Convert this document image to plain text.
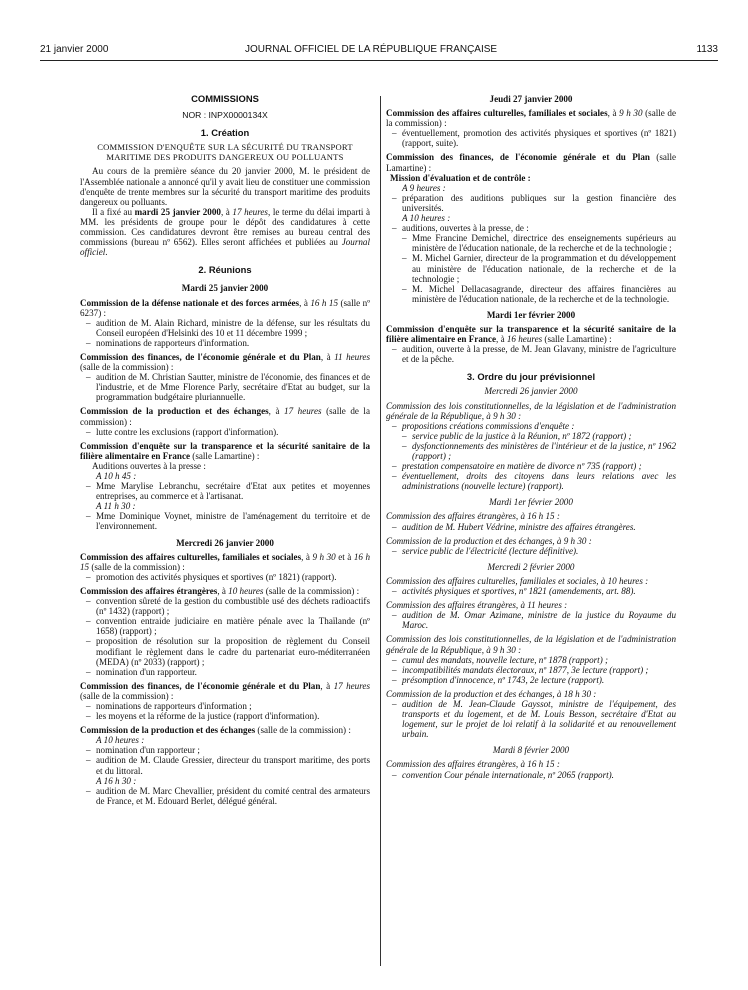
21 janvier 2000	JOURNAL OFFICIEL DE LA RÉPUBLIQUE FRANÇAISE	1133
COMMISSIONS
NOR : INPX0000134X
1. Création
COMMISSION D'ENQUÊTE SUR LA SÉCURITÉ DU TRANSPORT MARITIME DES PRODUITS DANGEREUX OU POLLUANTS

Au cours de la première séance du 20 janvier 2000, M. le président de l'Assemblée nationale a annoncé qu'il y avait lieu de constituer une commission d'enquête de trente membres sur la sécurité du transport maritime des produits dangereux ou polluants.

Il a fixé au mardi 25 janvier 2000, à 17 heures, le terme du délai imparti à MM. les présidents de groupe pour le dépôt des candidatures à cette commission. Ces candidatures devront être remises au bureau central des commissions (bureau nº 6562). Elles seront affichées et publiées au Journal officiel.

2. Réunions
Mardi 25 janvier 2000

Commission de la défense nationale et des forces armées, à 16 h 15 (salle nº 6237) :

– audition de M. Alain Richard, ministre de la défense, sur les résultats du Conseil européen d'Helsinki des 10 et 11 décembre 1999 ;
– nominations de rapporteurs d'information.

Commission des finances, de l'économie générale et du Plan, à 11 heures (salle de la commission) :

– audition de M. Christian Sautter, ministre de l'économie, des finances et de l'industrie, et de Mme Florence Parly, secrétaire d'Etat au budget, sur la programmation budgétaire pluriannuelle.

Commission de la production et des échanges, à 17 heures (salle de la commission) :

– lutte contre les exclusions (rapport d'information).

Commission d'enquête sur la transparence et la sécurité sanitaire de la filière alimentaire en France (salle Lamartine) :

Auditions ouvertes à la presse :

A 10 h 45 :

– Mme Marylise Lebranchu, secrétaire d'Etat aux petites et moyennes entreprises, au commerce et à l'artisanat.

A 11 h 30 :

– Mme Dominique Voynet, ministre de l'aménagement du territoire et de l'environnement.
Mercredi 26 janvier 2000

Commission des affaires culturelles, familiales et sociales, à 9 h 30 et à 16 h 15 (salle de la commission) :

– promotion des activités physiques et sportives (nº 1821) (rapport).

Commission des affaires étrangères, à 10 heures (salle de la commission) :

– convention sûreté de la gestion du combustible usé des déchets radioactifs (nº 1432) (rapport) ;
– convention entraide judiciaire en matière pénale avec la Thaïlande (nº 1658) (rapport) ;
– proposition de résolution sur la proposition de règlement du Conseil modifiant le règlement dans le cadre du partenariat euro-méditerranéen (MEDA) (nº 2033) (rapport) ;
– nomination d'un rapporteur.

Commission des finances, de l'économie générale et du Plan, à 17 heures (salle de la commission) :

– nominations de rapporteurs d'information ;
– les moyens et la réforme de la justice (rapport d'information).

Commission de la production et des échanges (salle de la commission) :

A 10 heures :

– nomination d'un rapporteur ;
– audition de M. Claude Gressier, directeur du transport maritime, des ports et du littoral.

A 16 h 30 :

– audition de M. Marc Chevallier, président du comité central des armateurs de France, et M. Edouard Berlet, délégué général.
Jeudi 27 janvier 2000

Commission des affaires culturelles, familiales et sociales, à 9 h 30 (salle de la commission) :

– éventuellement, promotion des activités physiques et sportives (nº 1821) (rapport, suite).

Commission des finances, de l'économie générale et du Plan (salle Lamartine) :

Mission d'évaluation et de contrôle :

A 9 heures :

– préparation des auditions publiques sur la gestion financière des universités.

A 10 heures :

– auditions, ouvertes à la presse, de :
– Mme Francine Demichel, directrice des enseignements supérieurs au ministère de l'éducation nationale, de la recherche et de la technologie ;
– M. Michel Garnier, directeur de la programmation et du développement au ministère de l'éducation nationale, de la recherche et de la technologie ;
– M. Michel Dellacasagrande, directeur des affaires financières au ministère de l'éducation nationale, de la recherche et de la technologie.
Mardi 1er février 2000

Commission d'enquête sur la transparence et la sécurité sanitaire de la filière alimentaire en France, à 16 heures (salle Lamartine) :

– audition, ouverte à la presse, de M. Jean Glavany, ministre de l'agriculture et de la pêche.
3. Ordre du jour prévisionnel
Mercredi 26 janvier 2000

Commission des lois constitutionnelles, de la législation et de l'administration générale de la République, à 9 h 30 :

– propositions créations commissions d'enquête :
– service public de la justice à la Réunion, nº 1872 (rapport) ;
– dysfonctionnements des ministères de l'intérieur et de la justice, nº 1962 (rapport) ;
– prestation compensatoire en matière de divorce nº 735 (rapport) ;
– éventuellement, droits des citoyens dans leurs relations avec les administrations (nouvelle lecture) (rapport).
Mardi 1er février 2000

Commission des affaires étrangères, à 16 h 15 :

– audition de M. Hubert Védrine, ministre des affaires étrangères.

Commission de la production et des échanges, à 9 h 30 :

– service public de l'électricité (lecture définitive).
Mercredi 2 février 2000

Commission des affaires culturelles, familiales et sociales, à 10 heures :

– activités physiques et sportives, nº 1821 (amendements, art. 88).

Commission des affaires étrangères, à 11 heures :

– audition de M. Omar Azimane, ministre de la justice du Royaume du Maroc.

Commission des lois constitutionnelles, de la législation et de l'administration générale de la République, à 9 h 30 :

– cumul des mandats, nouvelle lecture, nº 1878 (rapport) ;
– incompatibilités mandats électoraux, nº 1877, 3e lecture (rapport) ;
– présomption d'innocence, nº 1743, 2e lecture (rapport).

Commission de la production et des échanges, à 18 h 30 :

– audition de M. Jean-Claude Gayssot, ministre de l'équipement, des transports et du logement, et de M. Louis Besson, secrétaire d'Etat au logement, sur le projet de loi relatif à la solidarité et au renouvellement urbain.
Mardi 8 février 2000

Commission des affaires étrangères, à 16 h 15 :

– convention Cour pénale internationale, nº 2065 (rapport).
